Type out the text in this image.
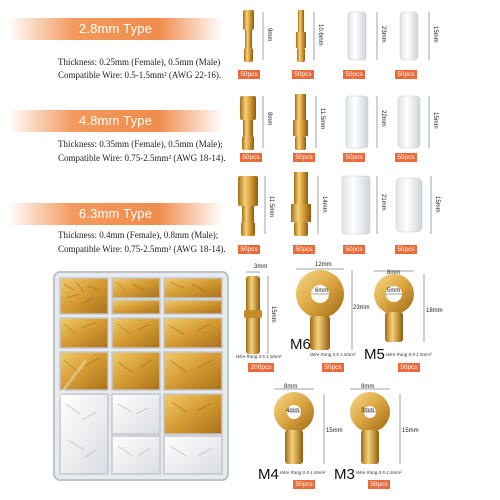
2.8mm Type
Thickness: 0.25mm (Female), 0.5mm (Male)
Compatible Wire: 0.5-1.5mm² (AWG 22-16).
4.8mm Type
Thickness: 0.35mm (Female), 0.5mm (Male);
Compatible Wire: 0.75-2.5mm² (AWG 18-14).
6.3mm Type
Thickness: 0.4mm (Female), 0.8mm (Male);
Compatible Wire: 0.75-2.5mm² (AWG 18-14).
9mm	10.6mm	23mm	15mm
8mm	11.5mm	22mm	15mm
11.5mm	14mm	21mm	15mm
50pcs	50pcs	50pcs	50pcs
50pcs	50pcs	50pcs	50pcs
50pcs	50pcs	50pcs	50pcs
3mm
15mm
Wire Rang 0.5-1.5mm²
200pcs
12mm
6mm
23mm
M6
Wire Rang 0.5-1.5mm²
50pcs
8mm
5mm
18mm
M5 Wire Rang 0.5-1.5mm²
50pcs
8mm
4mm
15mm
M4 Wire Rang 0.5-1.5mm²
50pcs
8mm
3mm
15mm
M3 Wire Rang 0.5-1.5mm²
50pcs
